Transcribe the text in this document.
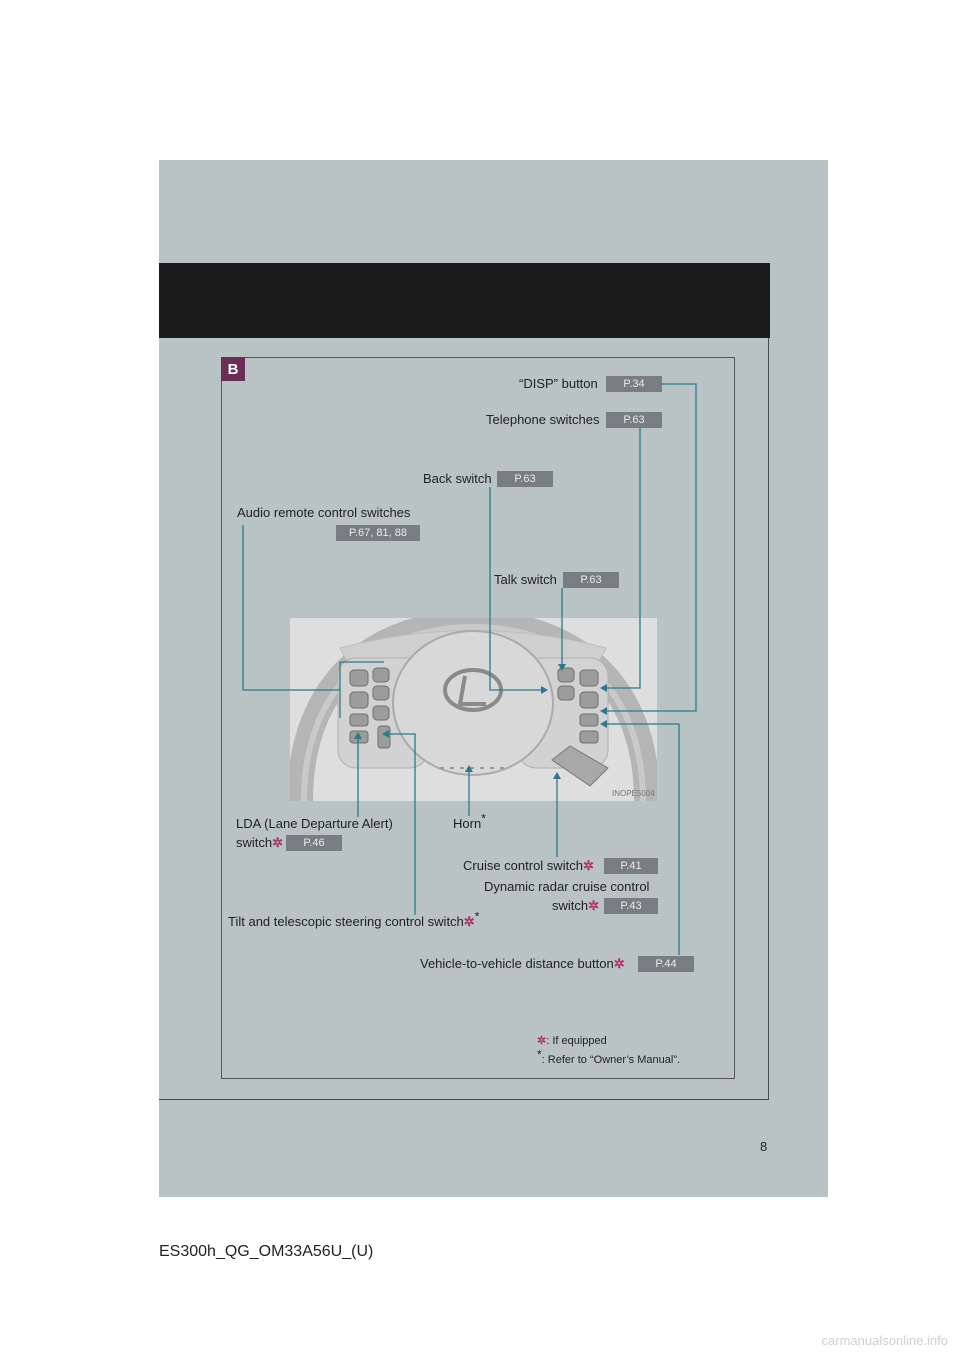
B
INOPE5004
“DISP” button	P.34
Telephone switches	P.63
Back switch	P.63
Audio remote control switches
P.67, 81, 88
Talk switch	P.63
LDA (Lane Departure Alert)
switch✲	P.46
Horn*
Cruise control switch✲	P.41
Dynamic radar cruise control
switch✲	P.43
Tilt and telescopic steering control switch✲*
Vehicle-to-vehicle distance button✲	P.44
✲: If equipped
*: Refer to “Owner’s Manual”.
8
ES300h_QG_OM33A56U_(U)
carmanualsonline.info
